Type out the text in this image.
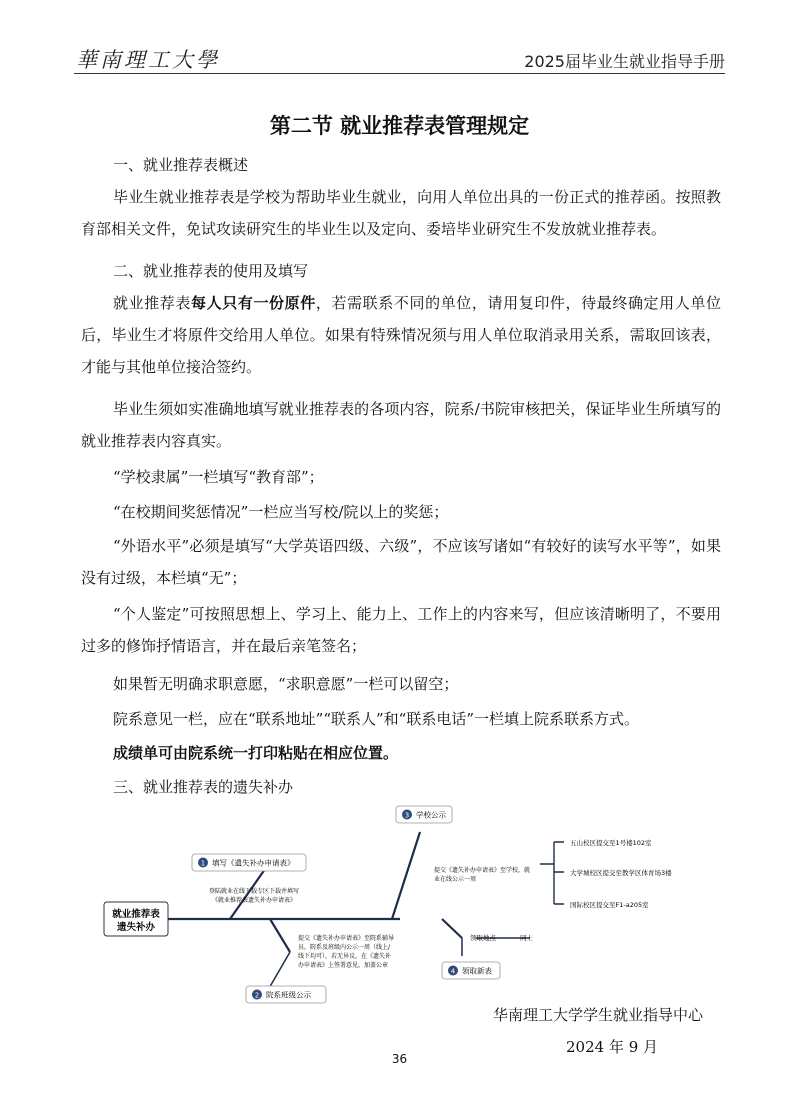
華南理工大學	2025届毕业生就业指导手册
第二节 就业推荐表管理规定
一、就业推荐表概述
毕业生就业推荐表是学校为帮助毕业生就业，向用人单位出具的一份正式的推荐函。按照教育部相关文件，免试攻读研究生的毕业生以及定向、委培毕业研究生不发放就业推荐表。
二、就业推荐表的使用及填写
就业推荐表每人只有一份原件，若需联系不同的单位，请用复印件，待最终确定用人单位后，毕业生才将原件交给用人单位。如果有特殊情况须与用人单位取消录用关系，需取回该表，才能与其他单位接洽签约。
毕业生须如实准确地填写就业推荐表的各项内容，院系/书院审核把关，保证毕业生所填写的就业推荐表内容真实。
“学校隶属”一栏填写“教育部”；
“在校期间奖惩情况”一栏应当写校/院以上的奖惩；
“外语水平”必须是填写“大学英语四级、六级”，不应该写诸如“有较好的读写水平等”，如果没有过级，本栏填“无”；
“个人鉴定”可按照思想上、学习上、能力上、工作上的内容来写，但应该清晰明了，不要用过多的修饰抒情语言，并在最后亲笔签名；
如果暂无明确求职意愿，“求职意愿”一栏可以留空；
院系意见一栏，应在“联系地址”“联系人”和“联系电话”一栏填上院系联系方式。
成绩单可由院系统一打印粘贴在相应位置。
三、就业推荐表的遗失补办
就业推荐表
遗失补办
1 填写《遗失补办申请表》
登陆就业在线下载专区下载并填写
《就业推荐表遗失补办申请表》
2 院系班级公示
提交《遗失补办申请表》至院系辅导
员，院系及班级内公示一周（线上/
线下均可），若无异议，在《遗失补
办申请表》上签署意见，加盖公章
3 学校公示
提交《遗失补办申请表》至学校，就
业在线公示一周
4 领取新表
领取地点	同上
五山校区提交至1号楼102室
大学城校区提交至教学区体育场3楼
国际校区提交至F1-a205室
华南理工大学学生就业指导中心
2024 年 9 月
36
